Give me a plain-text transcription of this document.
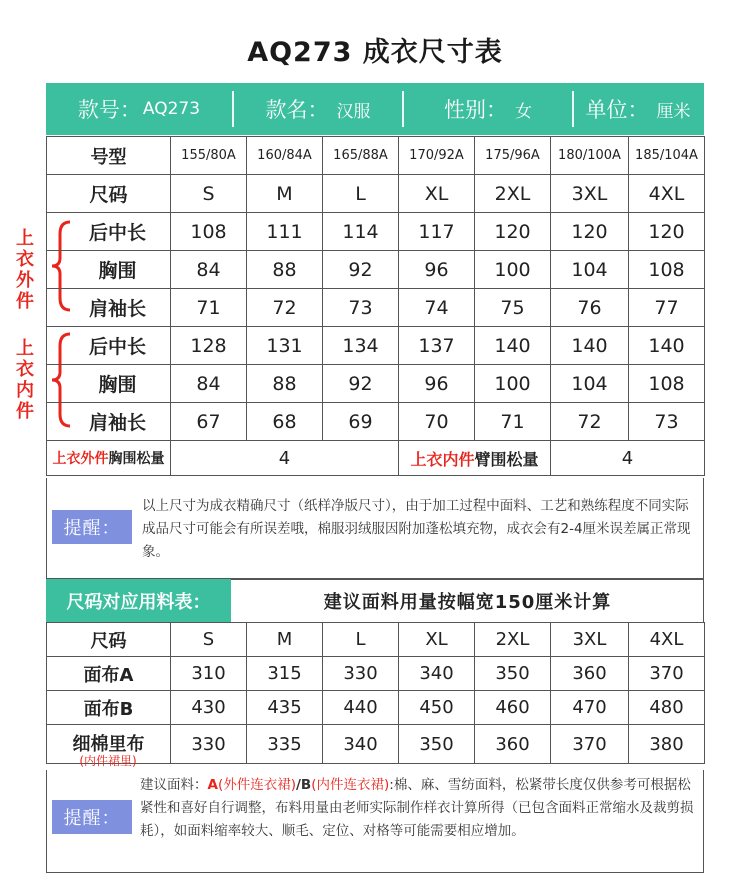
AQ273 成衣尺寸表
款号： AQ273	款名： 汉服	性别： 女	单位： 厘米
上衣外件
上衣内件
号型	155/80A	160/84A	165/88A	170/92A	175/96A	180/100A	185/104A
尺码	S	M	L	XL	2XL	3XL	4XL
后中长	108	111	114	117	120	120	120
胸围	84	88	92	96	100	104	108
肩袖长	71	72	73	74	75	76	77
后中长	128	131	134	137	140	140	140
胸围	84	88	92	96	100	104	108
肩袖长	67	68	69	70	71	72	73
上衣外件胸围松量	4	上衣内件臂围松量	4
提醒：
以上尺寸为成衣精确尺寸（纸样净版尺寸），由于加工过程中面料、工艺和熟练程度不同实际成品尺寸可能会有所误差哦，棉服羽绒服因附加蓬松填充物，成衣会有2-4厘米误差属正常现象。
尺码对应用料表：	建议面料用量按幅宽150厘米计算
尺码	S	M	L	XL	2XL	3XL	4XL
面布A	310	315	330	340	350	360	370
面布B	430	435	440	450	460	470	480

细棉里布	330	335	340	350	360	370	380
(内件裙里)
提醒：
建议面料：A(外件连衣裙)/B(内件连衣裙):棉、麻、雪纺面料，松紧带长度仅供参考可根据松紧性和喜好自行调整，布料用量由老师实际制作样衣计算所得（已包含面料正常缩水及裁剪损耗），如面料缩率较大、顺毛、定位、对格等可能需要相应增加。
